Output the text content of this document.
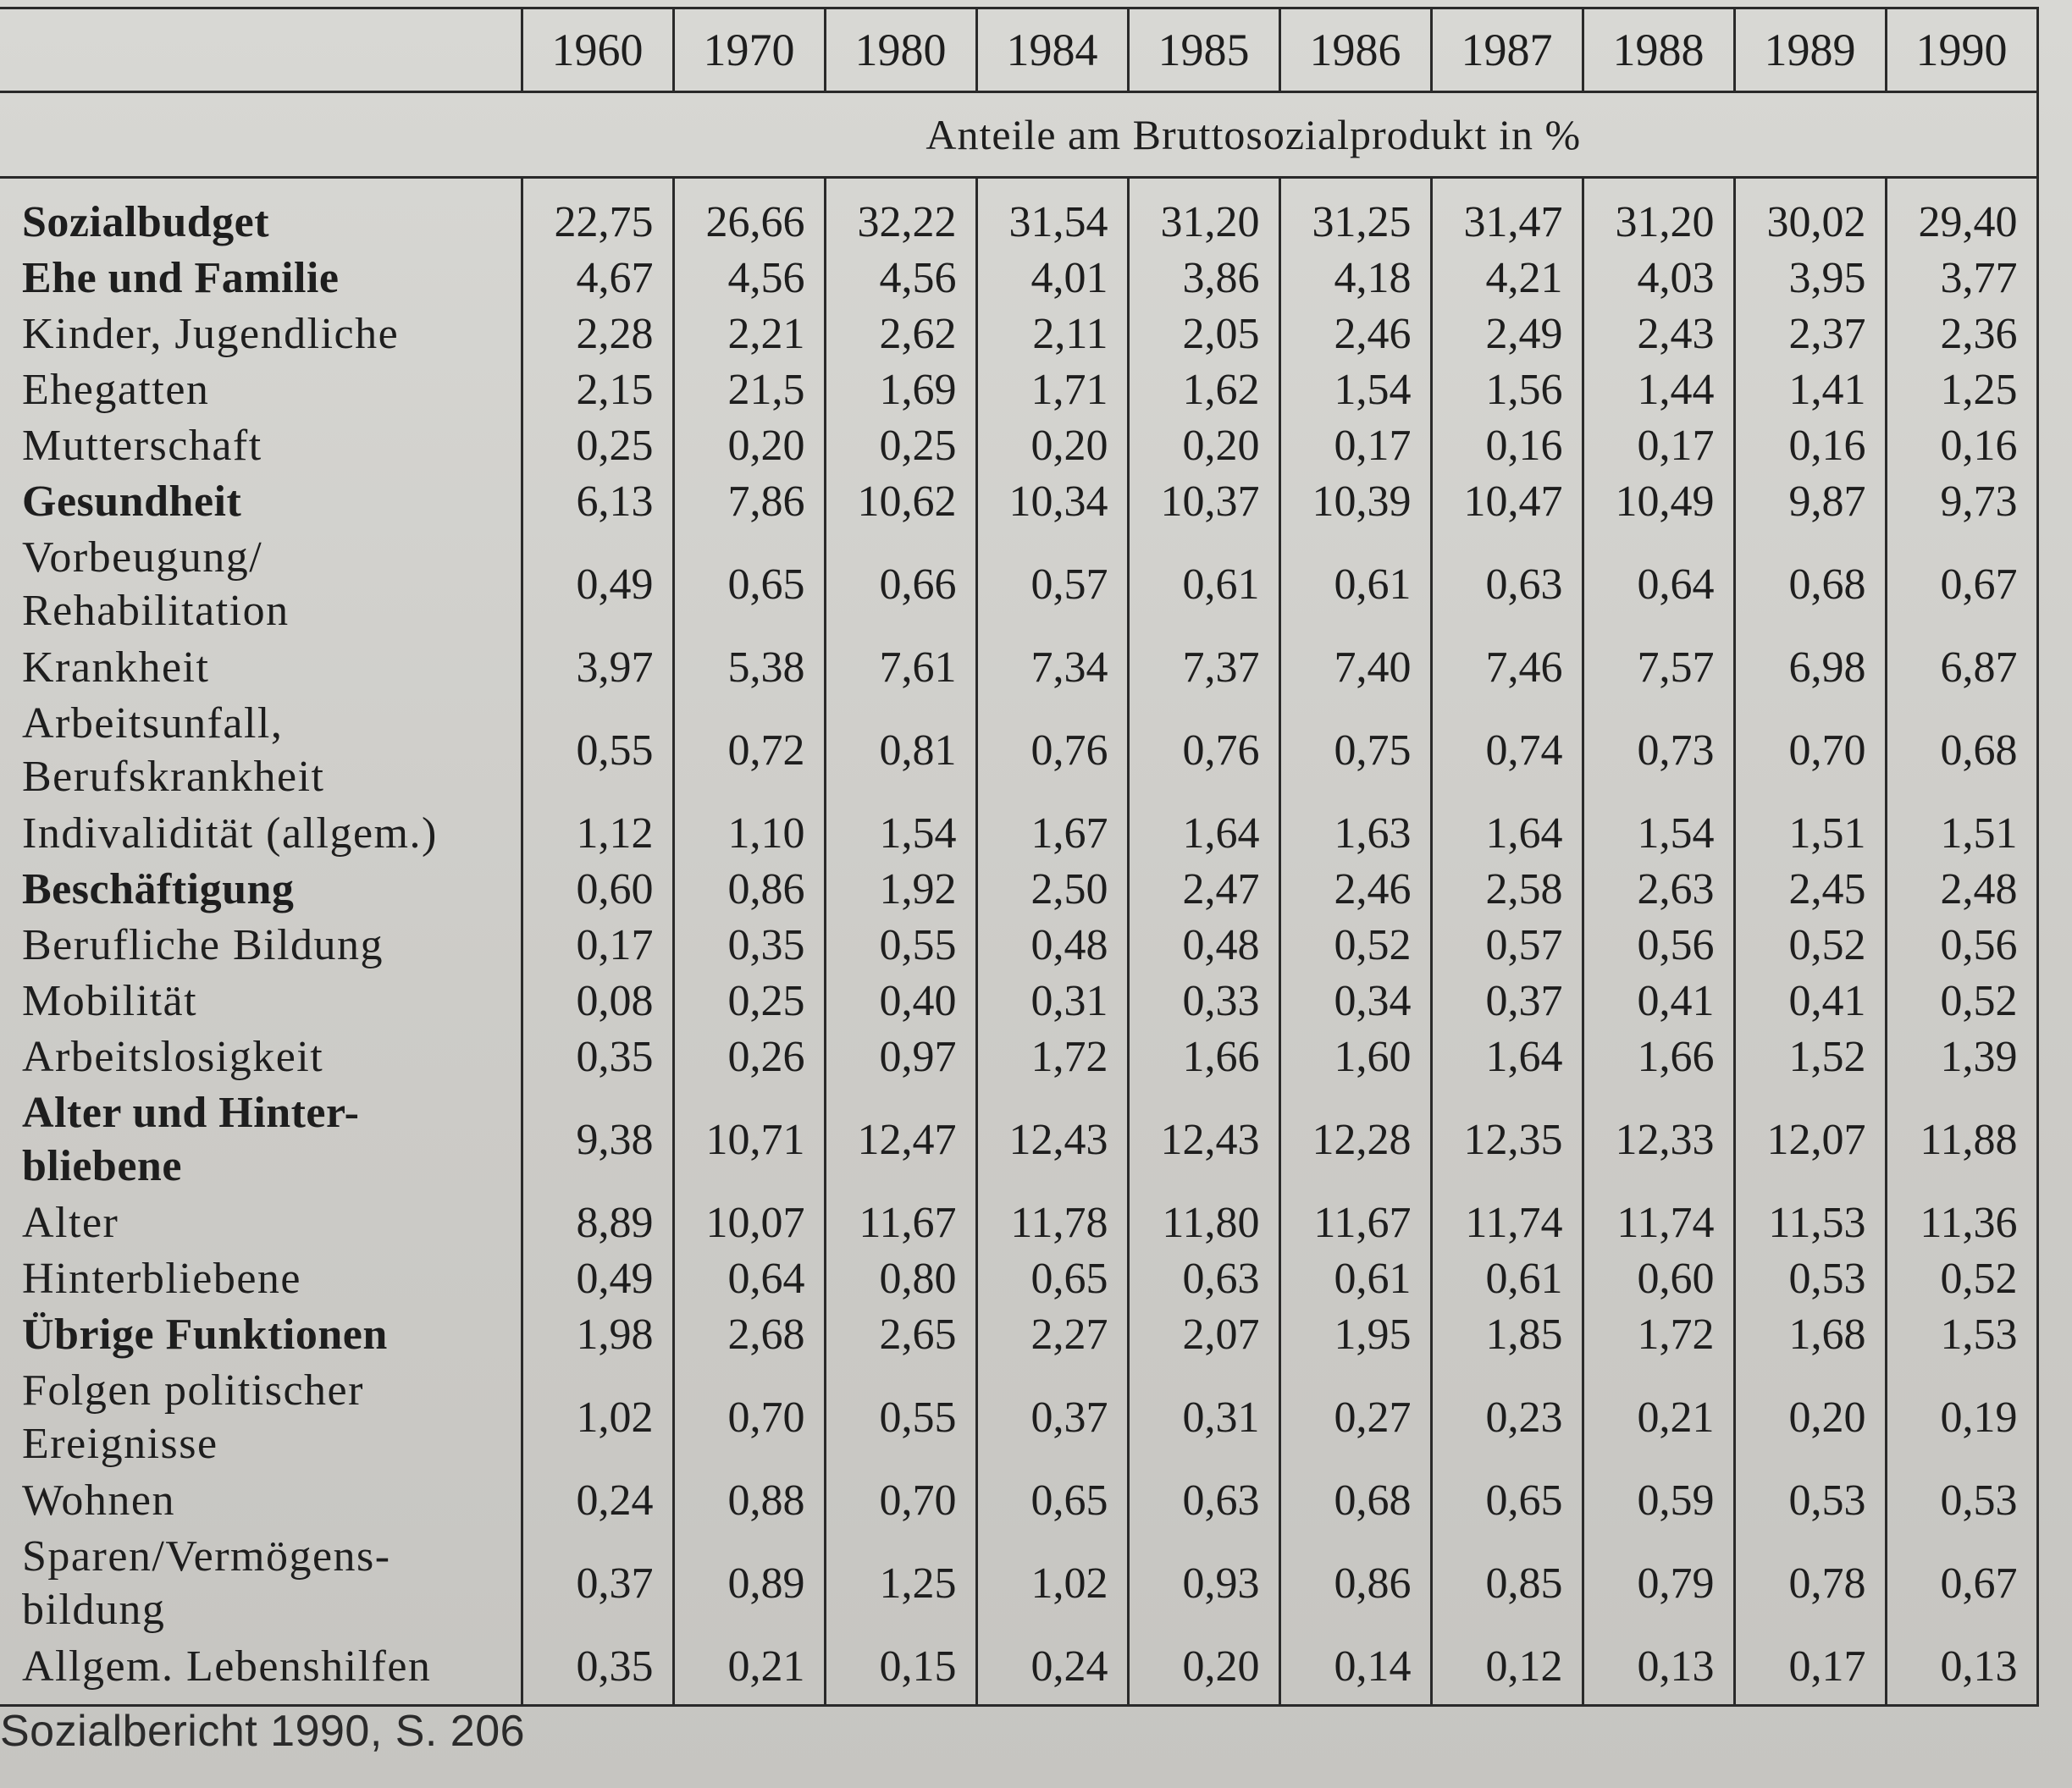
	1960	1970	1980	1984	1985	1986	1987	1988	1989	1990
Anteile am Bruttosozialprodukt in %										
Sozialbudget	22,75	26,66	32,22	31,54	31,20	31,25	31,47	31,20	30,02	29,40
Ehe und Familie	4,67	4,56	4,56	4,01	3,86	4,18	4,21	4,03	3,95	3,77
Kinder, Jugendliche	2,28	2,21	2,62	2,11	2,05	2,46	2,49	2,43	2,37	2,36
Ehegatten	2,15	21,5	1,69	1,71	1,62	1,54	1,56	1,44	1,41	1,25
Mutterschaft	0,25	0,20	0,25	0,20	0,20	0,17	0,16	0,17	0,16	0,16
Gesundheit	6,13	7,86	10,62	10,34	10,37	10,39	10,47	10,49	9,87	9,73
Vorbeugung/
Rehabilitation	0,49	0,65	0,66	0,57	0,61	0,61	0,63	0,64	0,68	0,67
Krankheit	3,97	5,38	7,61	7,34	7,37	7,40	7,46	7,57	6,98	6,87
Arbeitsunfall,
Berufskrankheit	0,55	0,72	0,81	0,76	0,76	0,75	0,74	0,73	0,70	0,68
Indivalidität (allgem.)	1,12	1,10	1,54	1,67	1,64	1,63	1,64	1,54	1,51	1,51
Beschäftigung	0,60	0,86	1,92	2,50	2,47	2,46	2,58	2,63	2,45	2,48
Berufliche Bildung	0,17	0,35	0,55	0,48	0,48	0,52	0,57	0,56	0,52	0,56
Mobilität	0,08	0,25	0,40	0,31	0,33	0,34	0,37	0,41	0,41	0,52
Arbeitslosigkeit	0,35	0,26	0,97	1,72	1,66	1,60	1,64	1,66	1,52	1,39
Alter und Hinter-
bliebene	9,38	10,71	12,47	12,43	12,43	12,28	12,35	12,33	12,07	11,88
Alter	8,89	10,07	11,67	11,78	11,80	11,67	11,74	11,74	11,53	11,36
Hinterbliebene	0,49	0,64	0,80	0,65	0,63	0,61	0,61	0,60	0,53	0,52
Übrige Funktionen	1,98	2,68	2,65	2,27	2,07	1,95	1,85	1,72	1,68	1,53
Folgen politischer
Ereignisse	1,02	0,70	0,55	0,37	0,31	0,27	0,23	0,21	0,20	0,19
Wohnen	0,24	0,88	0,70	0,65	0,63	0,68	0,65	0,59	0,53	0,53
Sparen/Vermögens-
bildung	0,37	0,89	1,25	1,02	0,93	0,86	0,85	0,79	0,78	0,67
Allgem. Lebenshilfen	0,35	0,21	0,15	0,24	0,20	0,14	0,12	0,13	0,17	0,13
Sozialbericht 1990, S. 206
